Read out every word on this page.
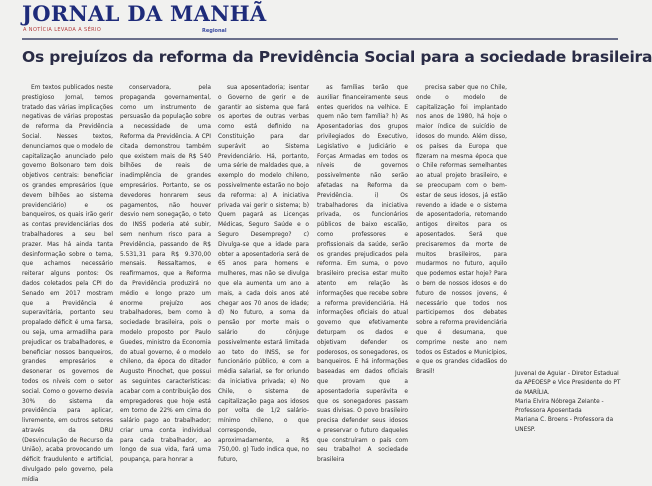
JORNAL DA MANHÃ
A NOTÍCIA LEVADA A SÉRIO	Regional
Os prejuízos da reforma da Previdência Social para a sociedade brasileira

Em textos publicados neste prestigioso Jornal, temos tratado das várias implicações negativas de várias propostas de reforma da Previdência Social. Nesses textos, denunciamos que o modelo de capitalização anunciado pelo governo Bolsonaro tem dois objetivos centrais: beneficiar os grandes empresários (que devem bilhões ao sistema previdenciário) e os banqueiros, os quais irão gerir as contas previdenciárias dos trabalhadores a seu bel prazer. Mas há ainda tanta desinformação sobre o tema, que achamos necessário reiterar alguns pontos: Os dados coletados pela CPI do Senado em 2017 mostram que a Previdência é superavitária, portanto seu propalado déficit é uma farsa, ou seja, uma armadilha para prejudicar os trabalhadores, e beneficiar nossos banqueiros, grandes empresários e desonerar os governos de todos os níveis com o setor social. Como o governo desvia 30% do sistema da previdência para aplicar, livremente, em outros setores através da DRU (Desvinculação de Recurso da União), acaba provocando um déficit fraudulento e artificial, divulgado pelo governo, pela mídia

conservadora, pela propaganda governamental, como um instrumento de persuasão da população sobre a necessidade de uma Reforma da Previdência. A CPI citada demonstrou também que existem mais de R$ 540 bilhões de reais de inadimplência de grandes empresários. Portanto, se os devedores honrarem seus pagamentos, não houver desvio nem sonegação, o teto do INSS poderia até subir, sem nenhum risco para a Previdência, passando de R$ 5.531,31 para R$ 9.370,00 mensais. Ressaltamos, e reafirmamos, que a Reforma da Previdência produzirá no médio e longo prazo um enorme prejuízo aos trabalhadores, bem como à sociedade brasileira, pois o modelo proposto por Paulo Guedes, ministro da Economia do atual governo, é o modelo chileno, da época do ditador Augusto Pinochet, que possui as seguintes características: acabar com a contribuição dos empregadores que hoje está em torno de 22% em cima do salário pago ao trabalhador; criar uma conta individual para cada trabalhador, ao longo de sua vida, fará uma poupança, para honrar a

sua aposentadoria; isentar o Governo de gerir e de garantir ao sistema que fará os aportes de outras verbas como está definido na Constituição para dar superávit ao Sistema Previdenciário. Há, portanto, uma série de maldades que, a exemplo do modelo chileno, possivelmente estarão no bojo da reforma: a) A iniciativa privada vai gerir o sistema; b) Quem pagará as Licenças Médicas, Seguro Saúde e o Seguro Desemprego? c) Divulga-se que a idade para obter a aposentadoria será de 65 anos para homens e mulheres, mas não se divulga que ela aumenta um ano a mais, a cada dois anos até chegar aos 70 anos de idade; d) No futuro, a soma da pensão por morte mais o salário do cônjuge possivelmente estará limitada ao teto do INSS, se for funcionário público, e com a média salarial, se for oriundo da iniciativa privada; e) No Chile, o sistema de capitalização paga aos idosos por volta de 1/2 salário-mínimo chileno, o que corresponde, aproximadamente, a R$ 750,00. g) Tudo indica que, no futuro,

as famílias terão que auxiliar financeiramente seus entes queridos na velhice. E quem não tem família? h) As Aposentadorias dos grupos privilegiados do Executivo, Legislativo e Judiciário e Forças Armadas em todos os níveis de governos possivelmente não serão afetadas na Reforma da Previdência. i) Os trabalhadores da iniciativa privada, os funcionários públicos de baixo escalão, como professores e profissionais da saúde, serão os grandes prejudicados pela reforma. Em suma, o povo brasileiro precisa estar muito atento em relação às informações que recebe sobre a reforma previdenciária. Há informações oficiais do atual governo que efetivamente deturpam os dados e objetivam defender os poderosos, os sonegadores, os banqueiros. E há informações baseadas em dados oficiais que provam que a aposentadoria superávita e que os sonegadores passam suas divisas. O povo brasileiro precisa defender seus idosos e preservar o futuro daqueles que construíram o país com seu trabalho! A sociedade brasileira

precisa saber que no Chile, onde o modelo de capitalização foi implantado nos anos de 1980, há hoje o maior índice de suicídio de idosos do mundo. Além disso, os países da Europa que fizeram na mesma época que o Chile reformas semelhantes ao atual projeto brasileiro, e se preocupam com o bem-estar de seus idosos, já estão revendo a idade e o sistema de aposentadoria, retomando antigos direitos para os aposentados. Será que precisaremos da morte de muitos brasileiros, para mudarmos no futuro, aquilo que podemos estar hoje? Para o bem de nossos idosos e do futuro de nossos jovens, é necessário que todos nos participemos dos debates sobre a reforma previdenciária que é desumana, que comprime neste ano nem todos os Estados e Municípios, e que os grandes cidadãos do Brasil!	Juvenal de Aguiar - Diretor Estadual da APEOESP e Vice Presidente do PT de MARÍLIA.

Maria Elvira Nóbrega Zelante - Professora Aposentada

Mariana C. Broens - Professora da UNESP.
